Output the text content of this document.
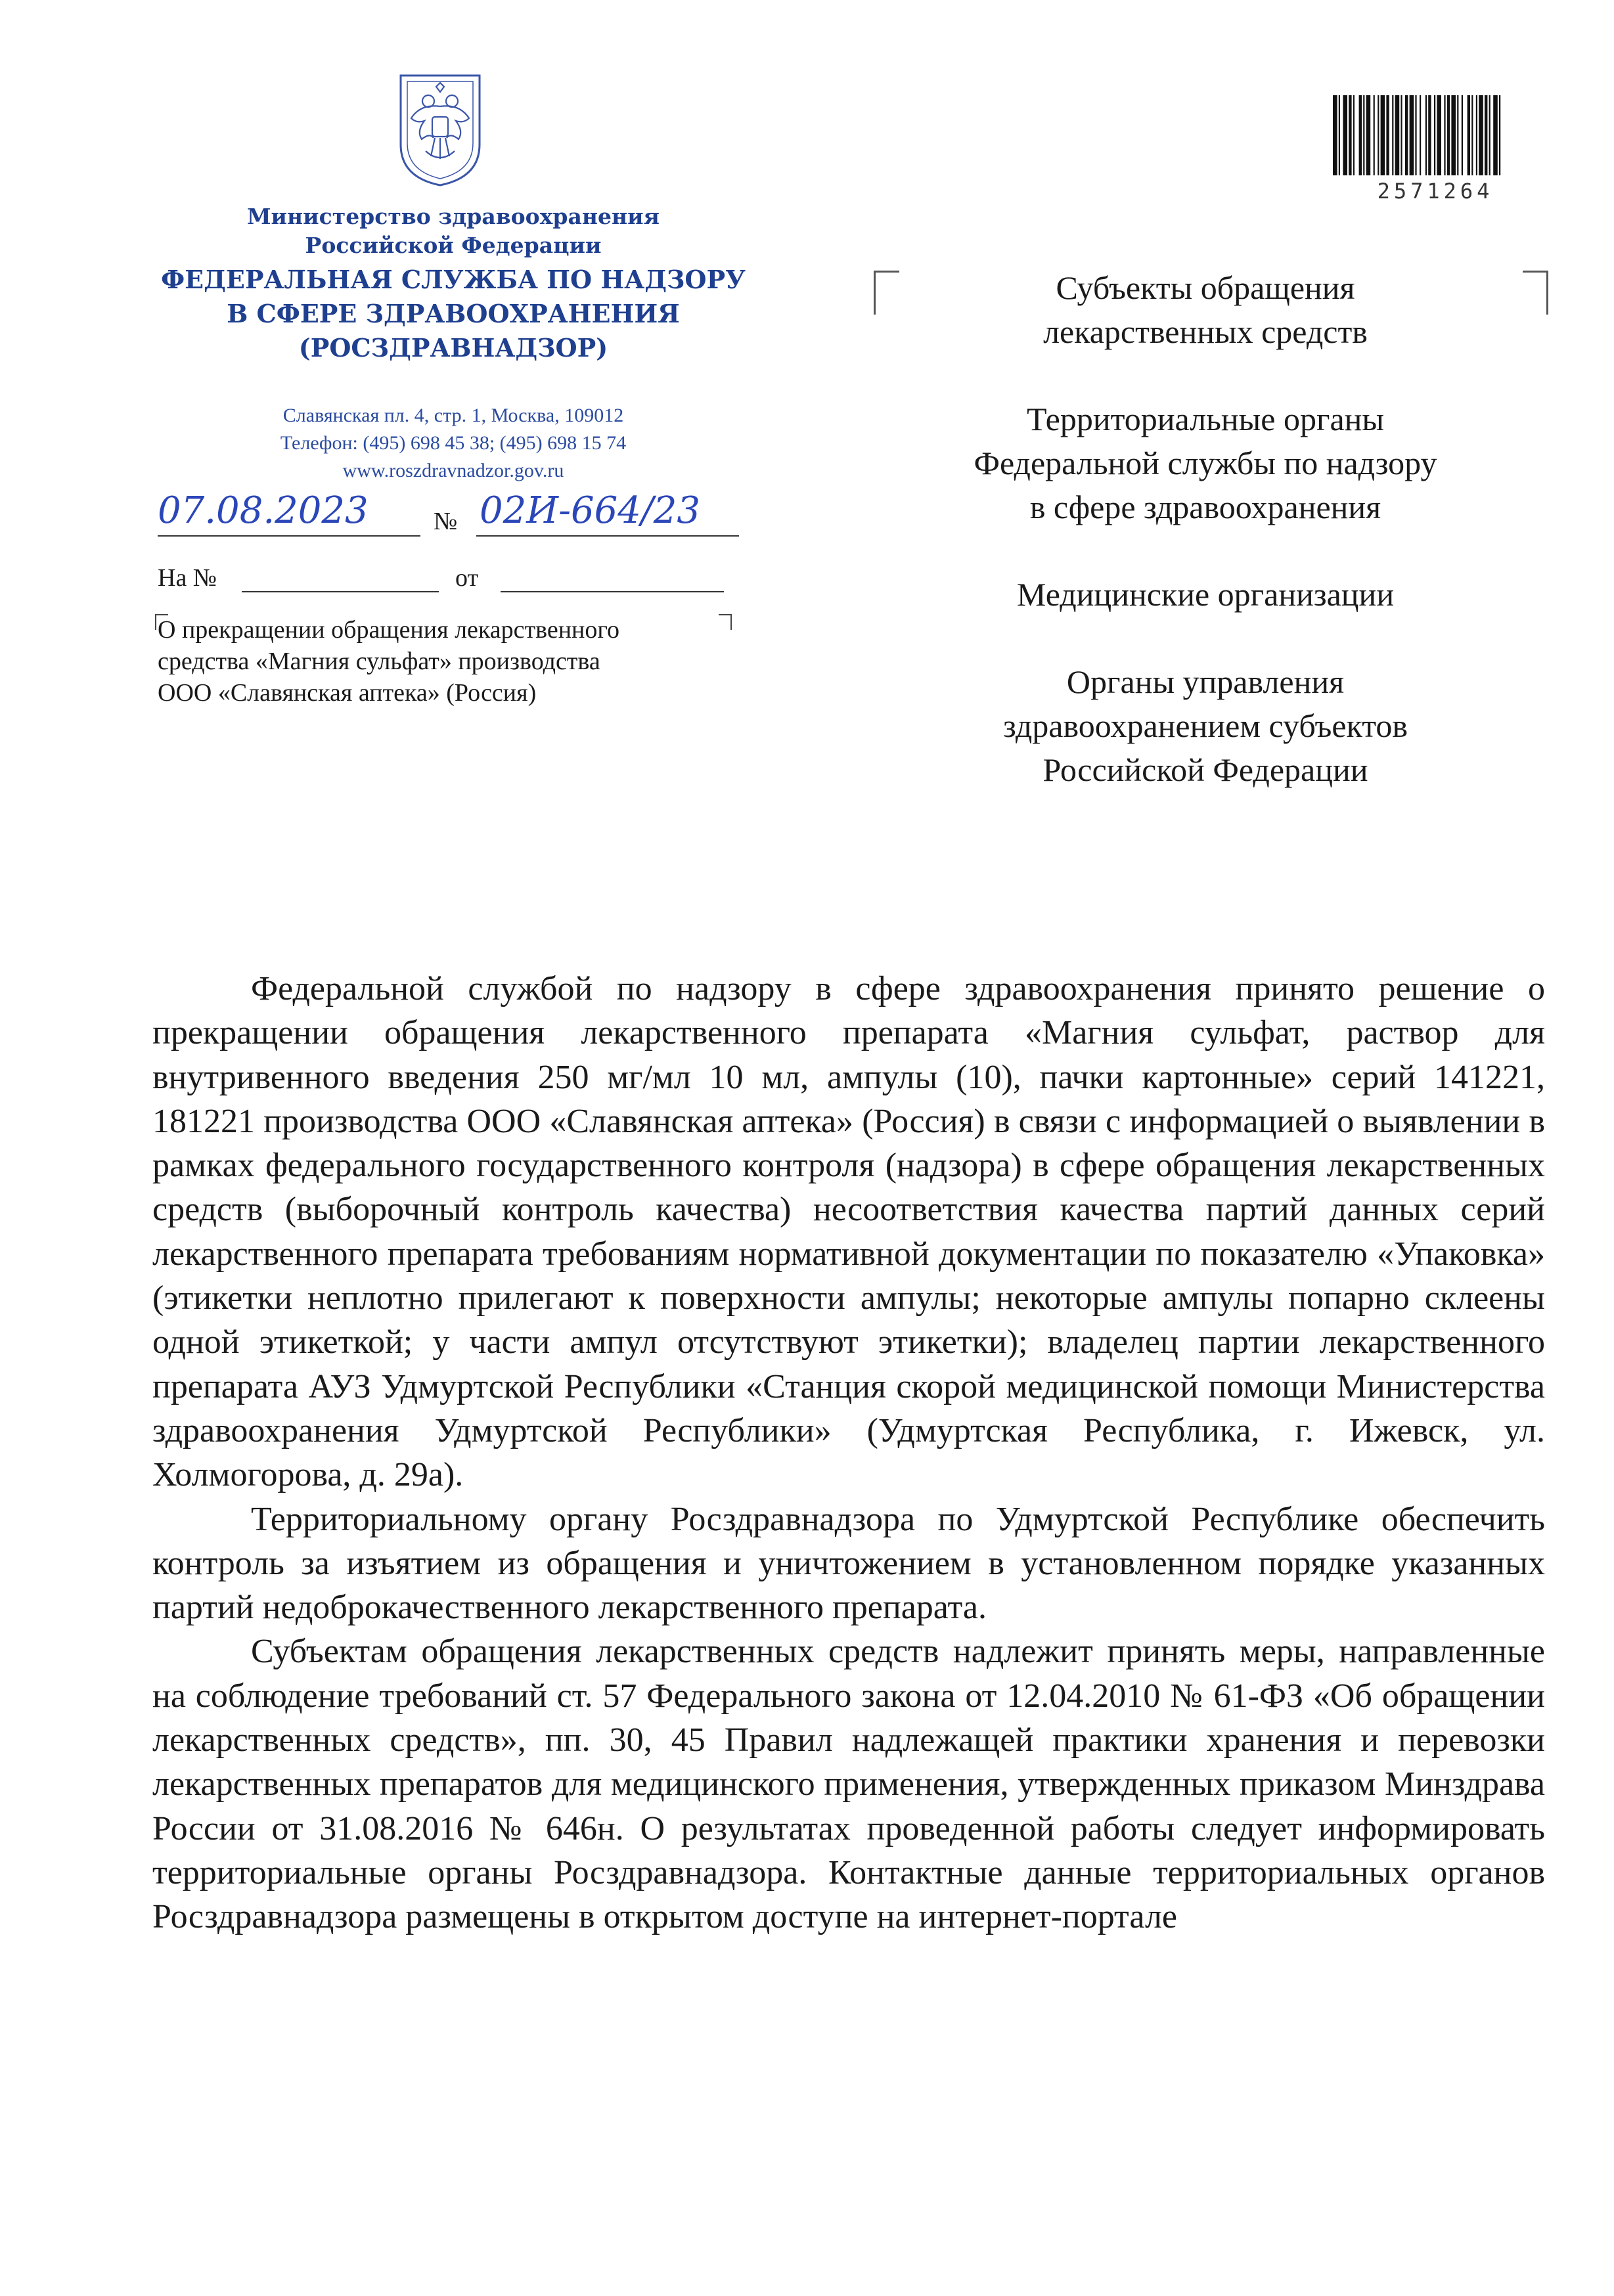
Министерство здравоохранения
Российской Федерации
ФЕДЕРАЛЬНАЯ СЛУЖБА ПО НАДЗОРУ
В СФЕРЕ ЗДРАВООХРАНЕНИЯ
(РОСЗДРАВНАДЗОР)
Славянская пл. 4, стр. 1, Москва, 109012
Телефон: (495) 698 45 38; (495) 698 15 74
www.roszdravnadzor.gov.ru
07.08.2023	№ 02И-664/23
На №	от
О прекращении обращения лекарственного
средства «Магния сульфат» производства
ООО «Славянская аптека» (Россия)
2571264
Субъекты обращения
лекарственных средств
Территориальные органы
Федеральной службы по надзору
в сфере здравоохранения
Медицинские организации
Органы управления
здравоохранением субъектов
Российской Федерации

Федеральной службой по надзору в сфере здравоохранения принято решение о прекращении обращения лекарственного препарата «Магния сульфат, раствор для внутривенного введения 250 мг/мл 10 мл, ампулы (10), пачки картонные» серий 141221, 181221 производства ООО «Славянская аптека» (Россия) в связи с информацией о выявлении в рамках федерального государственного контроля (надзора) в сфере обращения лекарственных средств (выборочный контроль качества) несоответствия качества партий данных серий лекарственного препарата требованиям нормативной документации по показателю «Упаковка» (этикетки неплотно прилегают к поверхности ампулы; некоторые ампулы попарно склеены одной этикеткой; у части ампул отсутствуют этикетки); владелец партии лекарственного препарата АУЗ Удмуртской Республики «Станция скорой медицинской помощи Министерства здравоохранения Удмуртской Республики» (Удмуртская Республика, г. Ижевск, ул. Холмогорова, д. 29а).

Территориальному органу Росздравнадзора по Удмуртской Республике обеспечить контроль за изъятием из обращения и уничтожением в установленном порядке указанных партий недоброкачественного лекарственного препарата.

Субъектам обращения лекарственных средств надлежит принять меры, направленные на соблюдение требований ст. 57 Федерального закона от 12.04.2010 № 61-ФЗ «Об обращении лекарственных средств», пп. 30, 45 Правил надлежащей практики хранения и перевозки лекарственных препаратов для медицинского применения, утвержденных приказом Минздрава России от 31.08.2016 № 646н. О результатах проведенной работы следует информировать территориальные органы Росздравнадзора. Контактные данные территориальных органов Росздравнадзора размещены в открытом доступе на интернет-портале
